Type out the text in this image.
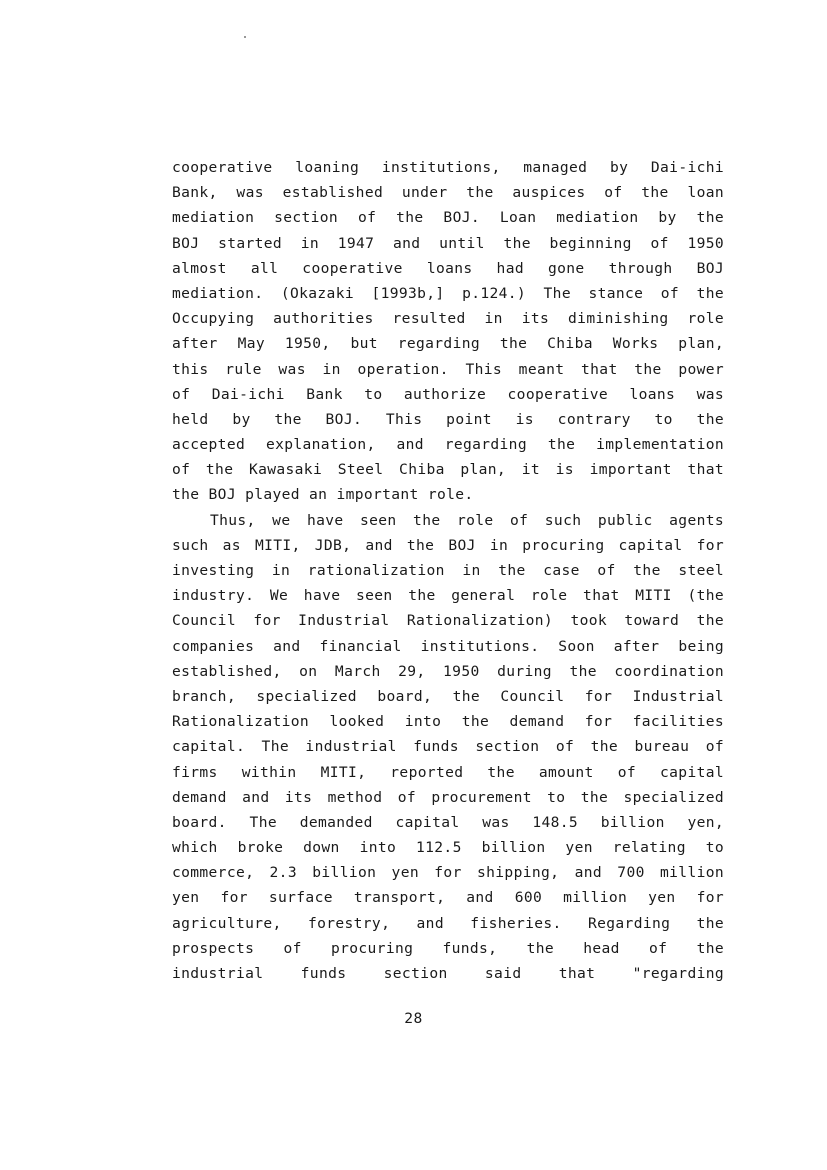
cooperative loaning institutions, managed by Dai-ichi
Bank, was established under the auspices of the loan
mediation section of the BOJ. Loan mediation by the
BOJ started in 1947 and until the beginning of 1950
almost all cooperative loans had gone through BOJ
mediation. (Okazaki [1993b,] p.124.) The stance of the
Occupying authorities resulted in its diminishing role
after May 1950, but regarding the Chiba Works plan,
this rule was in operation. This meant that the power
of Dai-ichi Bank to authorize cooperative loans was
held by the BOJ. This point is contrary to the
accepted explanation, and regarding the implementation
of the Kawasaki Steel Chiba plan, it is important that
the BOJ played an important role.
Thus, we have seen the role of such public agents
such as MITI, JDB, and the BOJ in procuring capital for
investing in rationalization in the case of the steel
industry. We have seen the general role that MITI (the
Council for Industrial Rationalization) took toward the
companies and financial institutions. Soon after being
established, on March 29, 1950 during the coordination
branch, specialized board, the Council for Industrial
Rationalization looked into the demand for facilities
capital. The industrial funds section of the bureau of
firms within MITI, reported the amount of capital
demand and its method of procurement to the specialized
board. The demanded capital was 148.5 billion yen,
which broke down into 112.5 billion yen relating to
commerce, 2.3 billion yen for shipping, and 700 million
yen for surface transport, and 600 million yen for
agriculture, forestry, and fisheries. Regarding the
prospects of procuring funds, the head of the
industrial funds section said that "regarding
28
